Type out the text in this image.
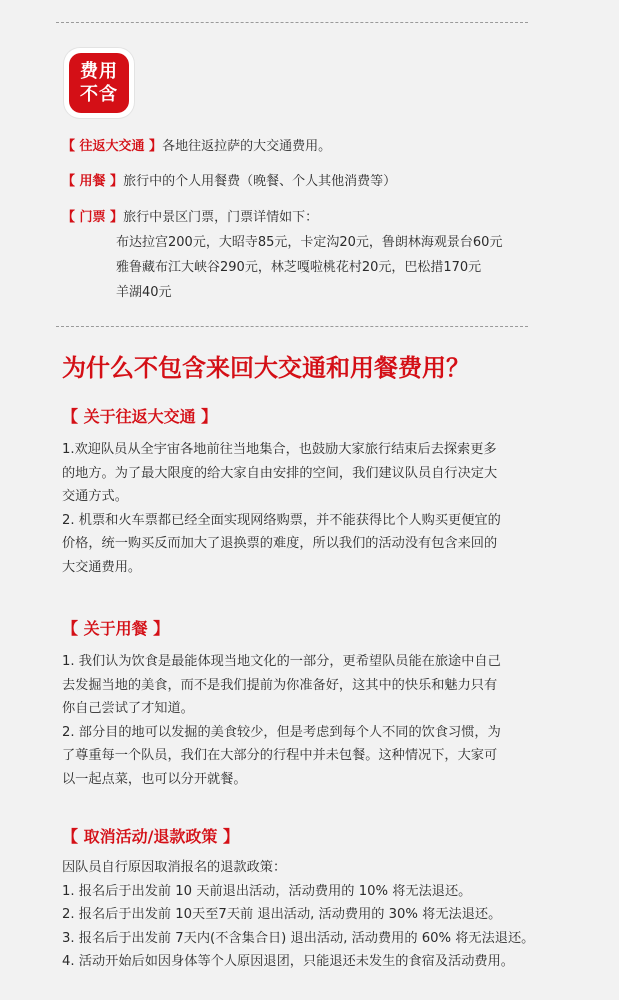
费用
不含
【 往返大交通 】各地往返拉萨的大交通费用。
【 用餐 】旅行中的个人用餐费（晚餐、个人其他消费等）
【 门票 】旅行中景区门票，门票详情如下：
布达拉宫200元，大昭寺85元，卡定沟20元，鲁朗林海观景台60元
雅鲁藏布江大峡谷290元，林芝嘎啦桃花村20元，巴松措170元
羊湖40元
为什么不包含来回大交通和用餐费用？
【 关于往返大交通 】

1.欢迎队员从全宇宙各地前往当地集合，也鼓励大家旅行结束后去探索更多

的地方。为了最大限度的给大家自由安排的空间，我们建议队员自行决定大

交通方式。

2. 机票和火车票都已经全面实现网络购票，并不能获得比个人购买更便宜的

价格，统一购买反而加大了退换票的难度，所以我们的活动没有包含来回的

大交通费用。

【 关于用餐 】

1. 我们认为饮食是最能体现当地文化的一部分，更希望队员能在旅途中自己

去发掘当地的美食，而不是我们提前为你准备好，这其中的快乐和魅力只有

你自己尝试了才知道。

2. 部分目的地可以发掘的美食较少，但是考虑到每个人不同的饮食习惯，为

了尊重每一个队员，我们在大部分的行程中并未包餐。这种情况下，大家可

以一起点菜，也可以分开就餐。

【 取消活动/退款政策 】

因队员自行原因取消报名的退款政策：

1. 报名后于出发前 10 天前退出活动，活动费用的 10% 将无法退还。

2. 报名后于出发前 10天至7天前 退出活动, 活动费用的 30% 将无法退还。

3. 报名后于出发前 7天内(不含集合日) 退出活动, 活动费用的 60% 将无法退还。

4. 活动开始后如因身体等个人原因退团，只能退还未发生的食宿及活动费用。
